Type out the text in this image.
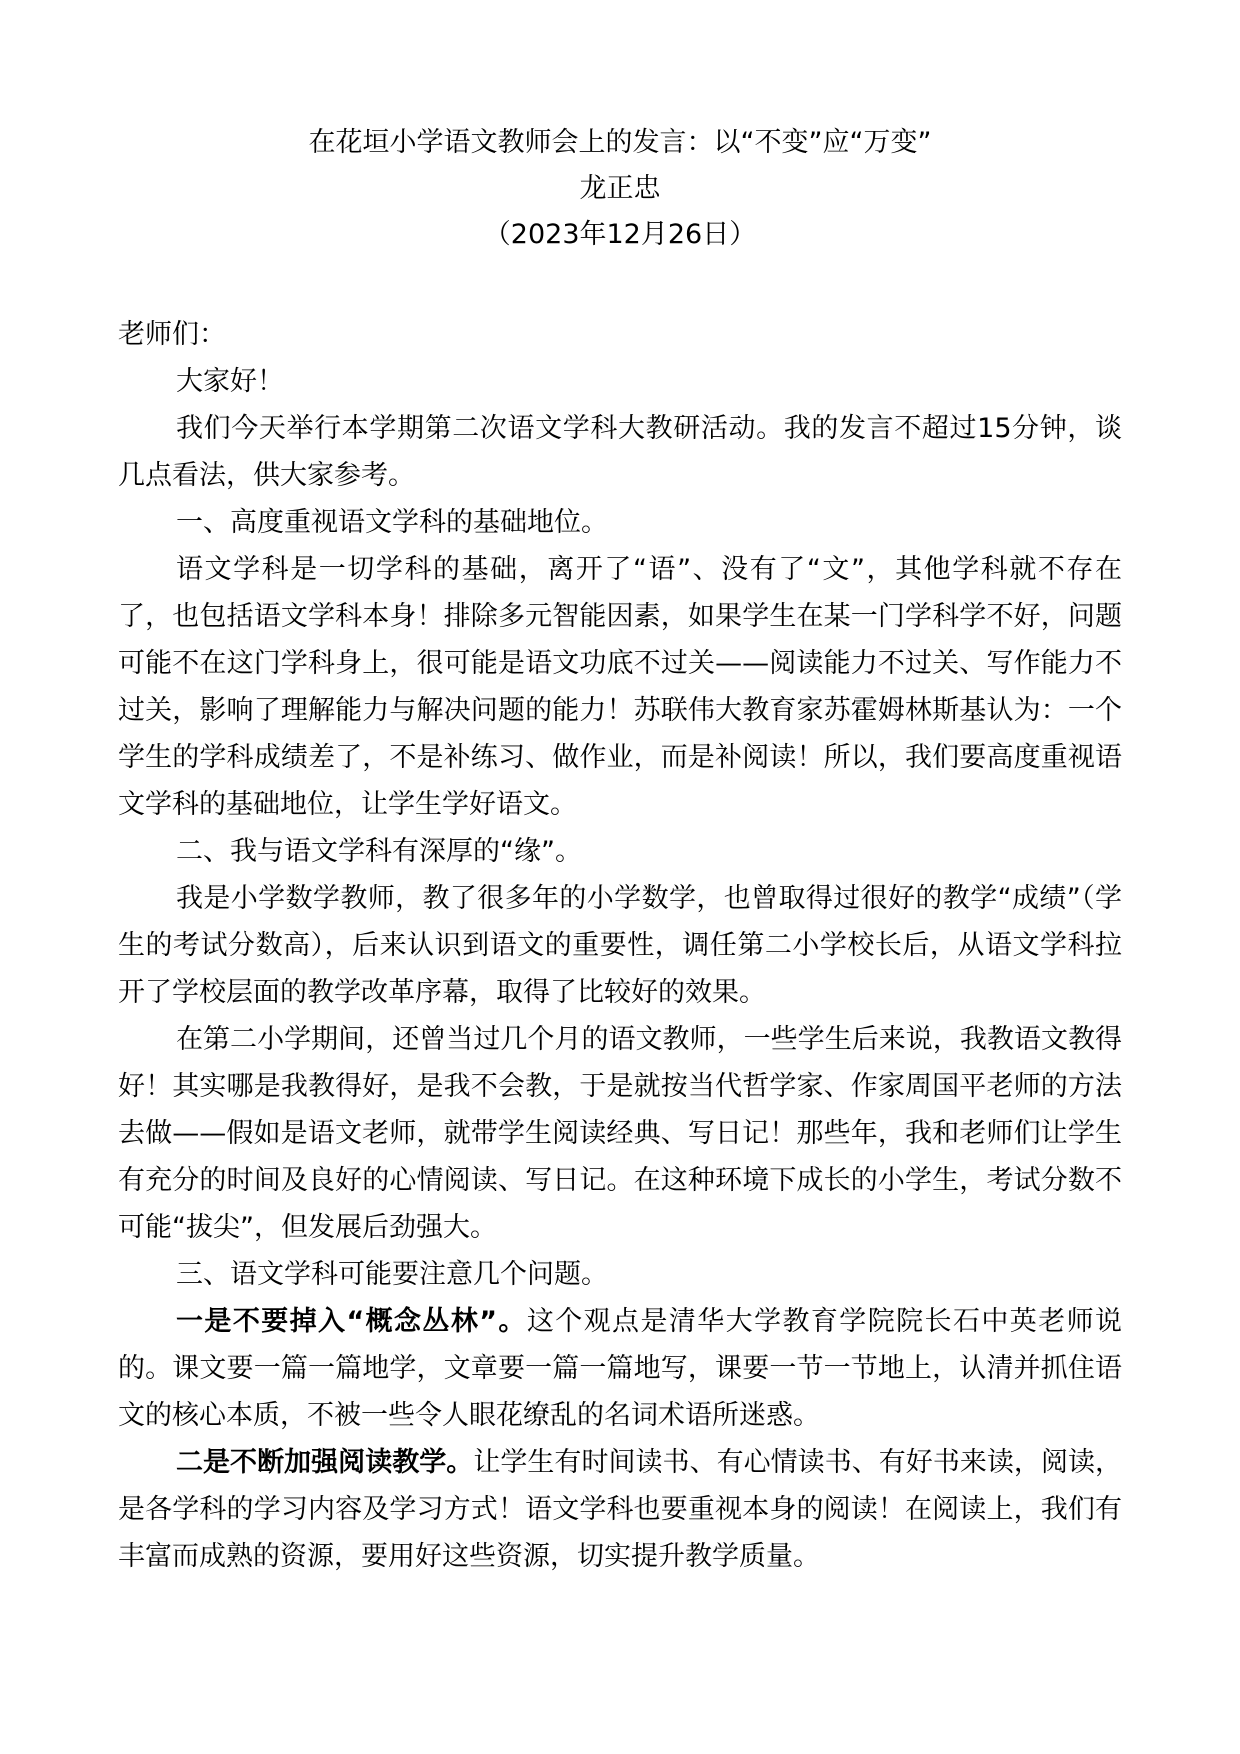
在花垣小学语文教师会上的发言：以“不变”应“万变”
龙正忠
（2023年12月26日）

老师们：

大家好！

我们今天举行本学期第二次语文学科大教研活动。我的发言不超过15分钟，谈几点看法，供大家参考。

一、高度重视语文学科的基础地位。

语文学科是一切学科的基础，离开了“语”、没有了“文”，其他学科就不存在了，也包括语文学科本身！排除多元智能因素，如果学生在某一门学科学不好，问题可能不在这门学科身上，很可能是语文功底不过关——阅读能力不过关、写作能力不过关，影响了理解能力与解决问题的能力！苏联伟大教育家苏霍姆林斯基认为：一个学生的学科成绩差了，不是补练习、做作业，而是补阅读！所以，我们要高度重视语文学科的基础地位，让学生学好语文。

二、我与语文学科有深厚的“缘”。

我是小学数学教师，教了很多年的小学数学，也曾取得过很好的教学“成绩”（学生的考试分数高），后来认识到语文的重要性，调任第二小学校长后，从语文学科拉开了学校层面的教学改革序幕，取得了比较好的效果。

在第二小学期间，还曾当过几个月的语文教师，一些学生后来说，我教语文教得好！其实哪是我教得好，是我不会教，于是就按当代哲学家、作家周国平老师的方法去做——假如是语文老师，就带学生阅读经典、写日记！那些年，我和老师们让学生有充分的时间及良好的心情阅读、写日记。在这种环境下成长的小学生，考试分数不可能“拔尖”，但发展后劲强大。

三、语文学科可能要注意几个问题。

一是不要掉入“概念丛林”。这个观点是清华大学教育学院院长石中英老师说的。课文要一篇一篇地学，文章要一篇一篇地写，课要一节一节地上，认清并抓住语文的核心本质，不被一些令人眼花缭乱的名词术语所迷惑。

二是不断加强阅读教学。让学生有时间读书、有心情读书、有好书来读，阅读，是各学科的学习内容及学习方式！语文学科也要重视本身的阅读！在阅读上，我们有丰富而成熟的资源，要用好这些资源，切实提升教学质量。
